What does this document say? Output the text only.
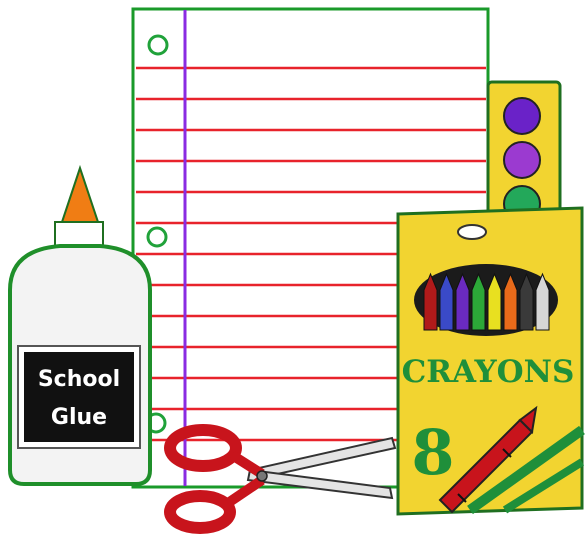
CRAYONS
8
School
Glue
